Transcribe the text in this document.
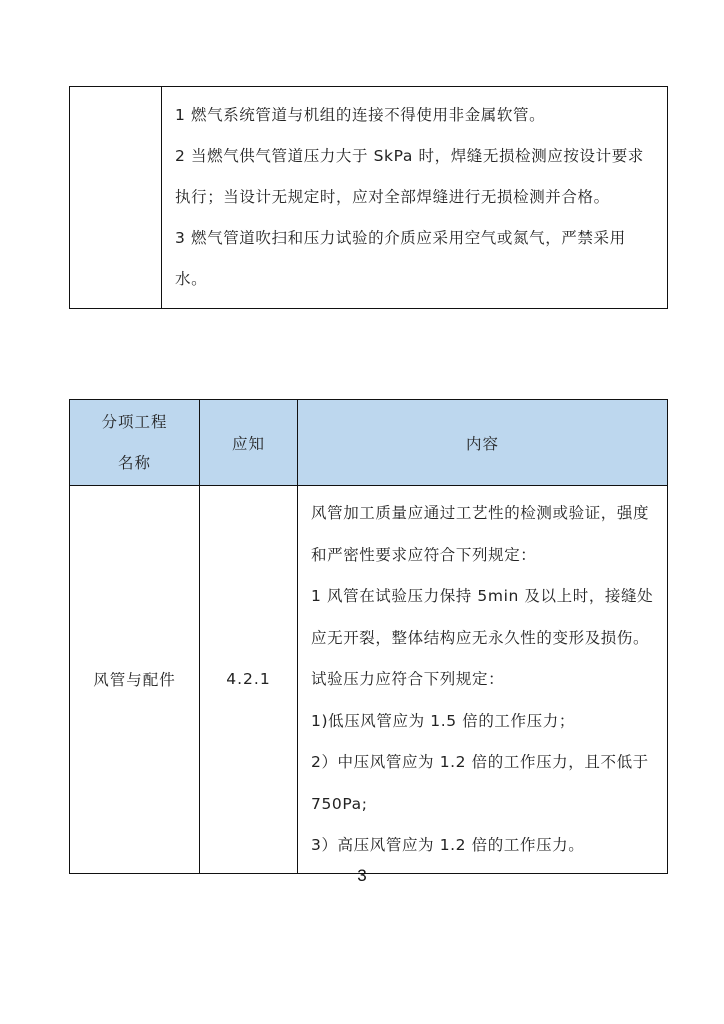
1 燃气系统管道与机组的连接不得使用非金属软管。

2 当燃气供气管道压力大于 SkPa 时，焊缝无损检测应按设计要求执行；当设计无规定时，应对全部焊缝进行无损检测并合格。

3 燃气管道吹扫和压力试验的介质应采用空气或氮气，严禁采用水。

分项工程名称	应知	内容
风管与配件	4.2.1	风管加工质量应通过工艺性的检测或验证，强度和严密性要求应符合下列规定：

1 风管在试验压力保持 5min 及以上时，接缝处应无开裂，整体结构应无永久性的变形及损伤。试验压力应符合下列规定：

1)低压风管应为 1.5 倍的工作压力；

2）中压风管应为 1.2 倍的工作压力，且不低于 750Pa;

3）高压风管应为 1.2 倍的工作压力。

3
